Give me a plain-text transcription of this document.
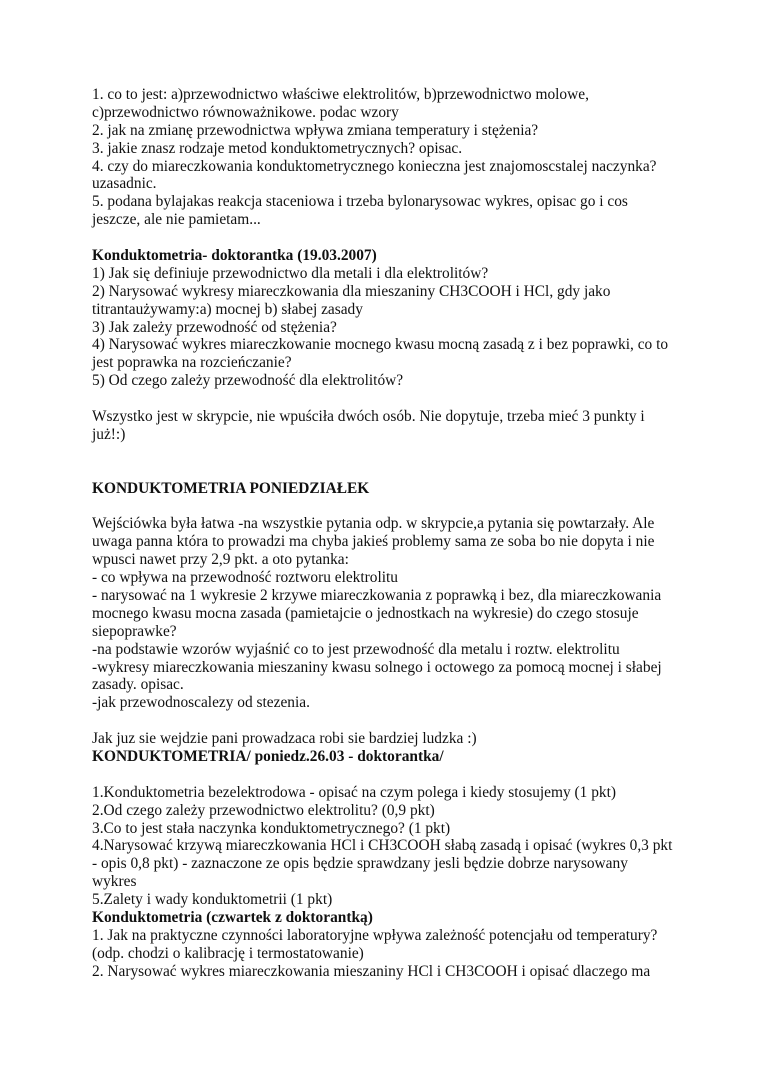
1. co to jest: a)przewodnictwo właściwe elektrolitów, b)przewodnictwo molowe,
c)przewodnictwo równoważnikowe. podac wzory
2. jak na zmianę przewodnictwa wpływa zmiana temperatury i stężenia?
3. jakie znasz rodzaje metod konduktometrycznych? opisac.
4. czy do miareczkowania konduktometrycznego konieczna jest znajomoscstalej naczynka?
uzasadnic.
5. podana bylajakas reakcja staceniowa i trzeba bylonarysowac wykres, opisac go i cos
jeszcze, ale nie pamietam...
Konduktometria- doktorantka (19.03.2007)
1) Jak się definiuje przewodnictwo dla metali i dla elektrolitów?
2) Narysować wykresy miareczkowania dla mieszaniny CH3COOH i HCl, gdy jako
titrantaużywamy:a) mocnej b) słabej zasady
3) Jak zależy przewodność od stężenia?
4) Narysować wykres miareczkowanie mocnego kwasu mocną zasadą z i bez poprawki, co to
jest poprawka na rozcieńczanie?
5) Od czego zależy przewodność dla elektrolitów?
Wszystko jest w skrypcie, nie wpuściła dwóch osób. Nie dopytuje, trzeba mieć 3 punkty i
już!:)
KONDUKTOMETRIA PONIEDZIAŁEK
Wejściówka była łatwa -na wszystkie pytania odp. w skrypcie,a pytania się powtarzały. Ale
uwaga panna która to prowadzi ma chyba jakieś problemy sama ze soba bo nie dopyta i nie
wpusci nawet przy 2,9 pkt. a oto pytanka:
- co wpływa na przewodność roztworu elektrolitu
- narysować na 1 wykresie 2 krzywe miareczkowania z poprawką i bez, dla miareczkowania
mocnego kwasu mocna zasada (pamietajcie o jednostkach na wykresie) do czego stosuje
siepoprawke?
-na podstawie wzorów wyjaśnić co to jest przewodność dla metalu i roztw. elektrolitu
-wykresy miareczkowania mieszaniny kwasu solnego i octowego za pomocą mocnej i słabej
zasady. opisac.
-jak przewodnoscalezy od stezenia.
Jak juz sie wejdzie pani prowadzaca robi sie bardziej ludzka :)
KONDUKTOMETRIA/ poniedz.26.03 - doktorantka/
1.Konduktometria bezelektrodowa - opisać na czym polega i kiedy stosujemy (1 pkt)
2.Od czego zależy przewodnictwo elektrolitu? (0,9 pkt)
3.Co to jest stała naczynka konduktometrycznego? (1 pkt)
4.Narysować krzywą miareczkowania HCl i CH3COOH słabą zasadą i opisać (wykres 0,3 pkt
- opis 0,8 pkt) - zaznaczone ze opis będzie sprawdzany jesli będzie dobrze narysowany
wykres
5.Zalety i wady konduktometrii (1 pkt)
Konduktometria (czwartek z doktorantką)
1. Jak na praktyczne czynności laboratoryjne wpływa zależność potencjału od temperatury?
(odp. chodzi o kalibrację i termostatowanie)
2. Narysować wykres miareczkowania mieszaniny HCl i CH3COOH i opisać dlaczego ma
